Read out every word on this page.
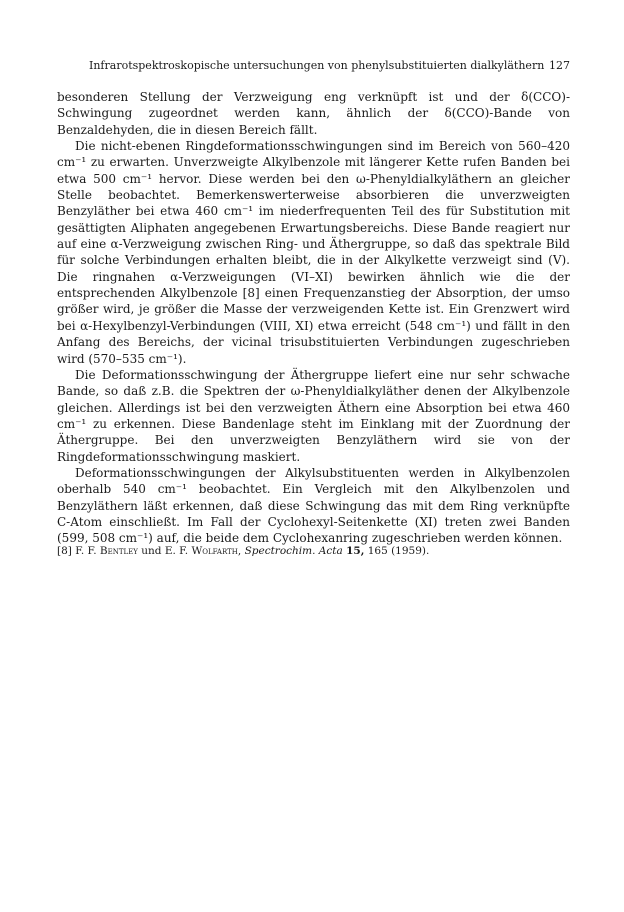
Infrarotspektroskopische untersuchungen von phenylsubstituierten dialkyläthern 127

besonderen Stellung der Verzweigung eng verknüpft ist und der δ(CCO)-Schwingung zugeordnet werden kann, ähnlich der δ(CCO)-Bande von Benzaldehyden, die in diesen Bereich fällt.

Die nicht-ebenen Ringdeformationsschwingungen sind im Bereich von 560–420 cm⁻¹ zu erwarten. Unverzweigte Alkylbenzole mit längerer Kette rufen Banden bei etwa 500 cm⁻¹ hervor. Diese werden bei den ω-Phenyldialkyläthern an gleicher Stelle beobachtet. Bemerkenswerterweise absorbieren die unverzweigten Benzyläther bei etwa 460 cm⁻¹ im niederfrequenten Teil des für Substitution mit gesättigten Aliphaten angegebenen Erwartungsbereichs. Diese Bande reagiert nur auf eine α-Verzweigung zwischen Ring- und Äthergruppe, so daß das spektrale Bild für solche Verbindungen erhalten bleibt, die in der Alkylkette verzweigt sind (V). Die ringnahen α-Verzweigungen (VI–XI) bewirken ähnlich wie die der entsprechenden Alkylbenzole [8] einen Frequenzanstieg der Absorption, der umso größer wird, je größer die Masse der verzweigenden Kette ist. Ein Grenzwert wird bei α-Hexylbenzyl-Verbindungen (VIII, XI) etwa erreicht (548 cm⁻¹) und fällt in den Anfang des Bereichs, der vicinal trisubstituierten Verbindungen zugeschrieben wird (570–535 cm⁻¹).

Die Deformationsschwingung der Äthergruppe liefert eine nur sehr schwache Bande, so daß z.B. die Spektren der ω-Phenyldialkyläther denen der Alkylbenzole gleichen. Allerdings ist bei den verzweigten Äthern eine Absorption bei etwa 460 cm⁻¹ zu erkennen. Diese Bandenlage steht im Einklang mit der Zuordnung der Äthergruppe. Bei den unverzweigten Benzyläthern wird sie von der Ringdeformationsschwingung maskiert.

Deformationsschwingungen der Alkylsubstituenten werden in Alkylbenzolen oberhalb 540 cm⁻¹ beobachtet. Ein Vergleich mit den Alkylbenzolen und Benzyläthern läßt erkennen, daß diese Schwingung das mit dem Ring verknüpfte C-Atom einschließt. Im Fall der Cyclohexyl-Seitenkette (XI) treten zwei Banden (599, 508 cm⁻¹) auf, die beide dem Cyclohexanring zugeschrieben werden können.

[8] F. F. Bentley und E. F. Wolfarth, Spectrochim. Acta 15, 165 (1959).
